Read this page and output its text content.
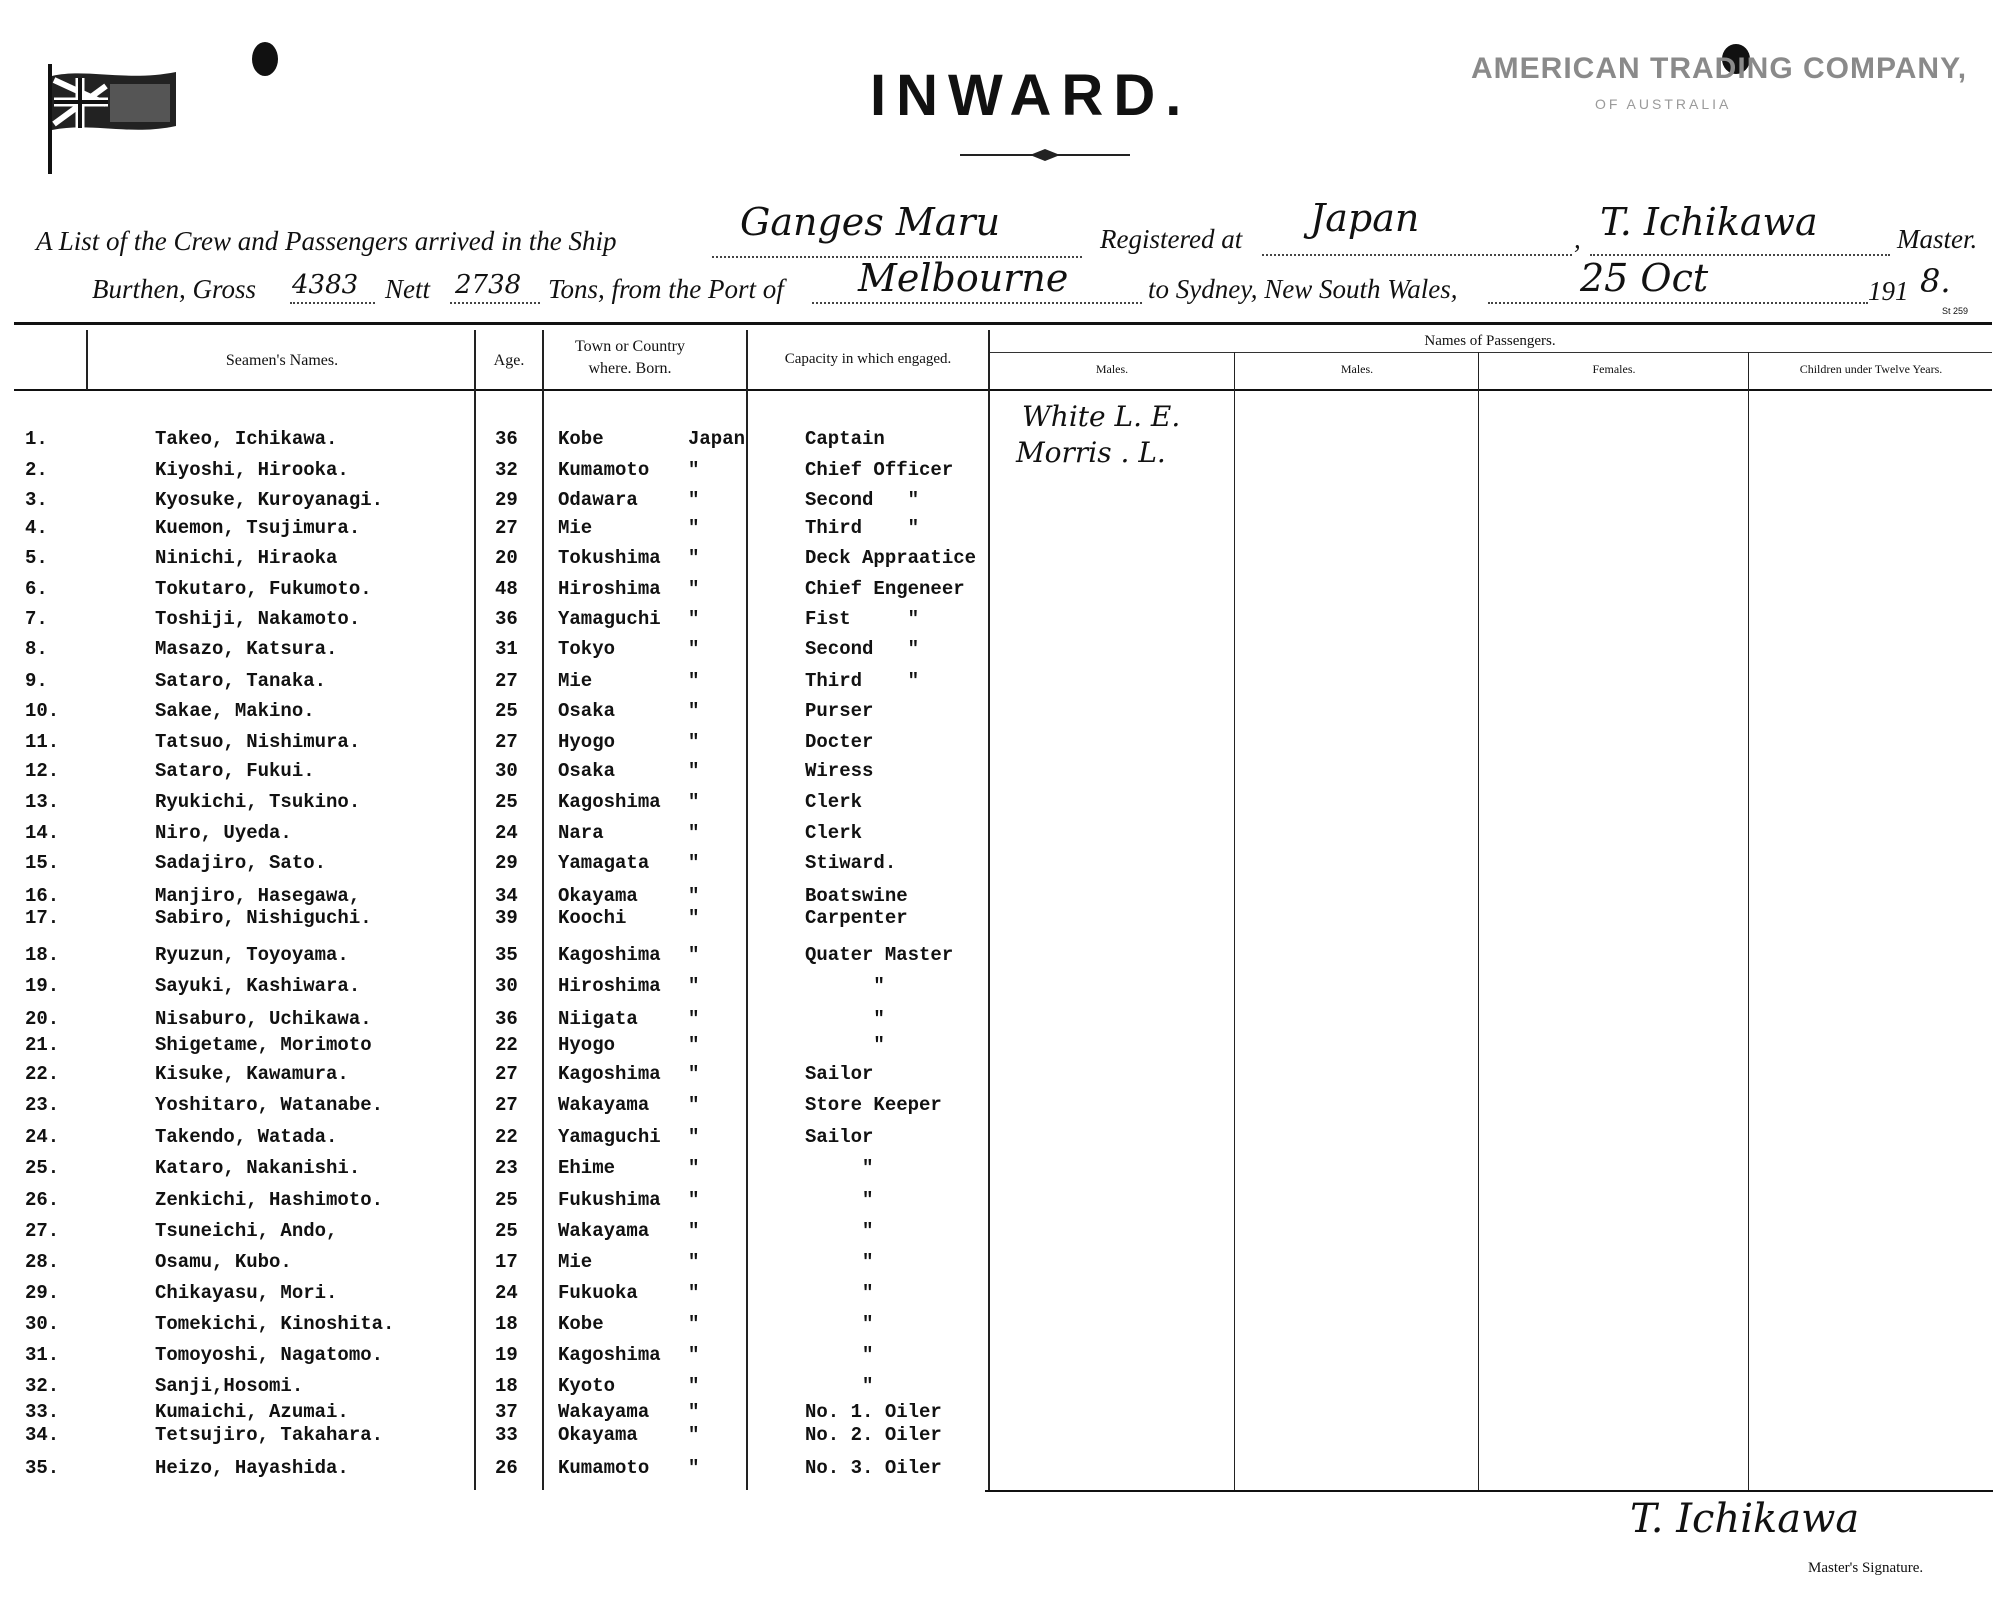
INWARD.	AMERICAN TRADING COMPANY,
OF AUSTRALIA
A List of the Crew and Passengers arrived in the Ship	Ganges Maru	Registered at Japan	, T. Ichikawa	Master.
Burthen, Gross 4383 Nett 2738 Tons, from the Port of Melbourne	to Sydney, New South Wales,	25 Oct	191 8.
St 259
Seamen's Names.	Age.
Town or Country where. Born.
Capacity in which engaged.
Names of Passengers.
Males.	Males.	Females.	Children under Twelve Years.
1.	Takeo, Ichikawa.	36 Kobe	Japan	Captain
2.	Kiyoshi, Hirooka.	32 Kumamoto "	Chief Officer
3.	Kyosuke, Kuroyanagi.	29 Odawara	"	Second   "
4.	Kuemon, Tsujimura.	27 Mie	"	Third    "
5.	Ninichi, Hiraoka	20 Tokushima "	Deck Appraatice
6.	Tokutaro, Fukumoto.	48 Hiroshima "	Chief Engeneer
7.	Toshiji, Nakamoto.	36 Yamaguchi "	Fist     "
8.	Masazo, Katsura.	31 Tokyo	"	Second   "
9.	Sataro, Tanaka.	27 Mie	"	Third    "
10.	Sakae, Makino.	25 Osaka	"	Purser
11.	Tatsuo, Nishimura.	27 Hyogo	"	Docter
12.	Sataro, Fukui.	30 Osaka	"	Wiress
13.	Ryukichi, Tsukino.	25 Kagoshima "	Clerk
14.	Niro, Uyeda.	24 Nara	"	Clerk
15.	Sadajiro, Sato.	29 Yamagata "	Stiward.
16.	Manjiro, Hasegawa,	34 Okayama	"	Boatswine
17.	Sabiro, Nishiguchi.	39 Koochi	"	Carpenter
18.	Ryuzun, Toyoyama.	35 Kagoshima "	Quater Master
19.	Sayuki, Kashiwara.	30 Hiroshima "	"
20.	Nisaburo, Uchikawa.	36 Niigata	"	"
21.	Shigetame, Morimoto	22 Hyogo	"	"
22.	Kisuke, Kawamura.	27 Kagoshima "	Sailor
23.	Yoshitaro, Watanabe.	27 Wakayama "	Store Keeper
24.	Takendo, Watada.	22 Yamaguchi "	Sailor
25.	Kataro, Nakanishi.	23 Ehime	"	"
26.	Zenkichi, Hashimoto.	25 Fukushima "	"
27.	Tsuneichi, Ando,	25 Wakayama "	"
28.	Osamu, Kubo.	17 Mie	"	"
29.	Chikayasu, Mori.	24 Fukuoka	"	"
30.	Tomekichi, Kinoshita.	18 Kobe	"	"
31.	Tomoyoshi, Nagatomo.	19 Kagoshima "	"
32.	Sanji,Hosomi.	18 Kyoto	"	"
33.	Kumaichi, Azumai.	37 Wakayama "	No. 1. Oiler
34.	Tetsujiro, Takahara.	33 Okayama	"	No. 2. Oiler
35.	Heizo, Hayashida.	26 Kumamoto "	No. 3. Oiler
White L. E.
Morris . L.
T. Ichikawa
Master's Signature.
